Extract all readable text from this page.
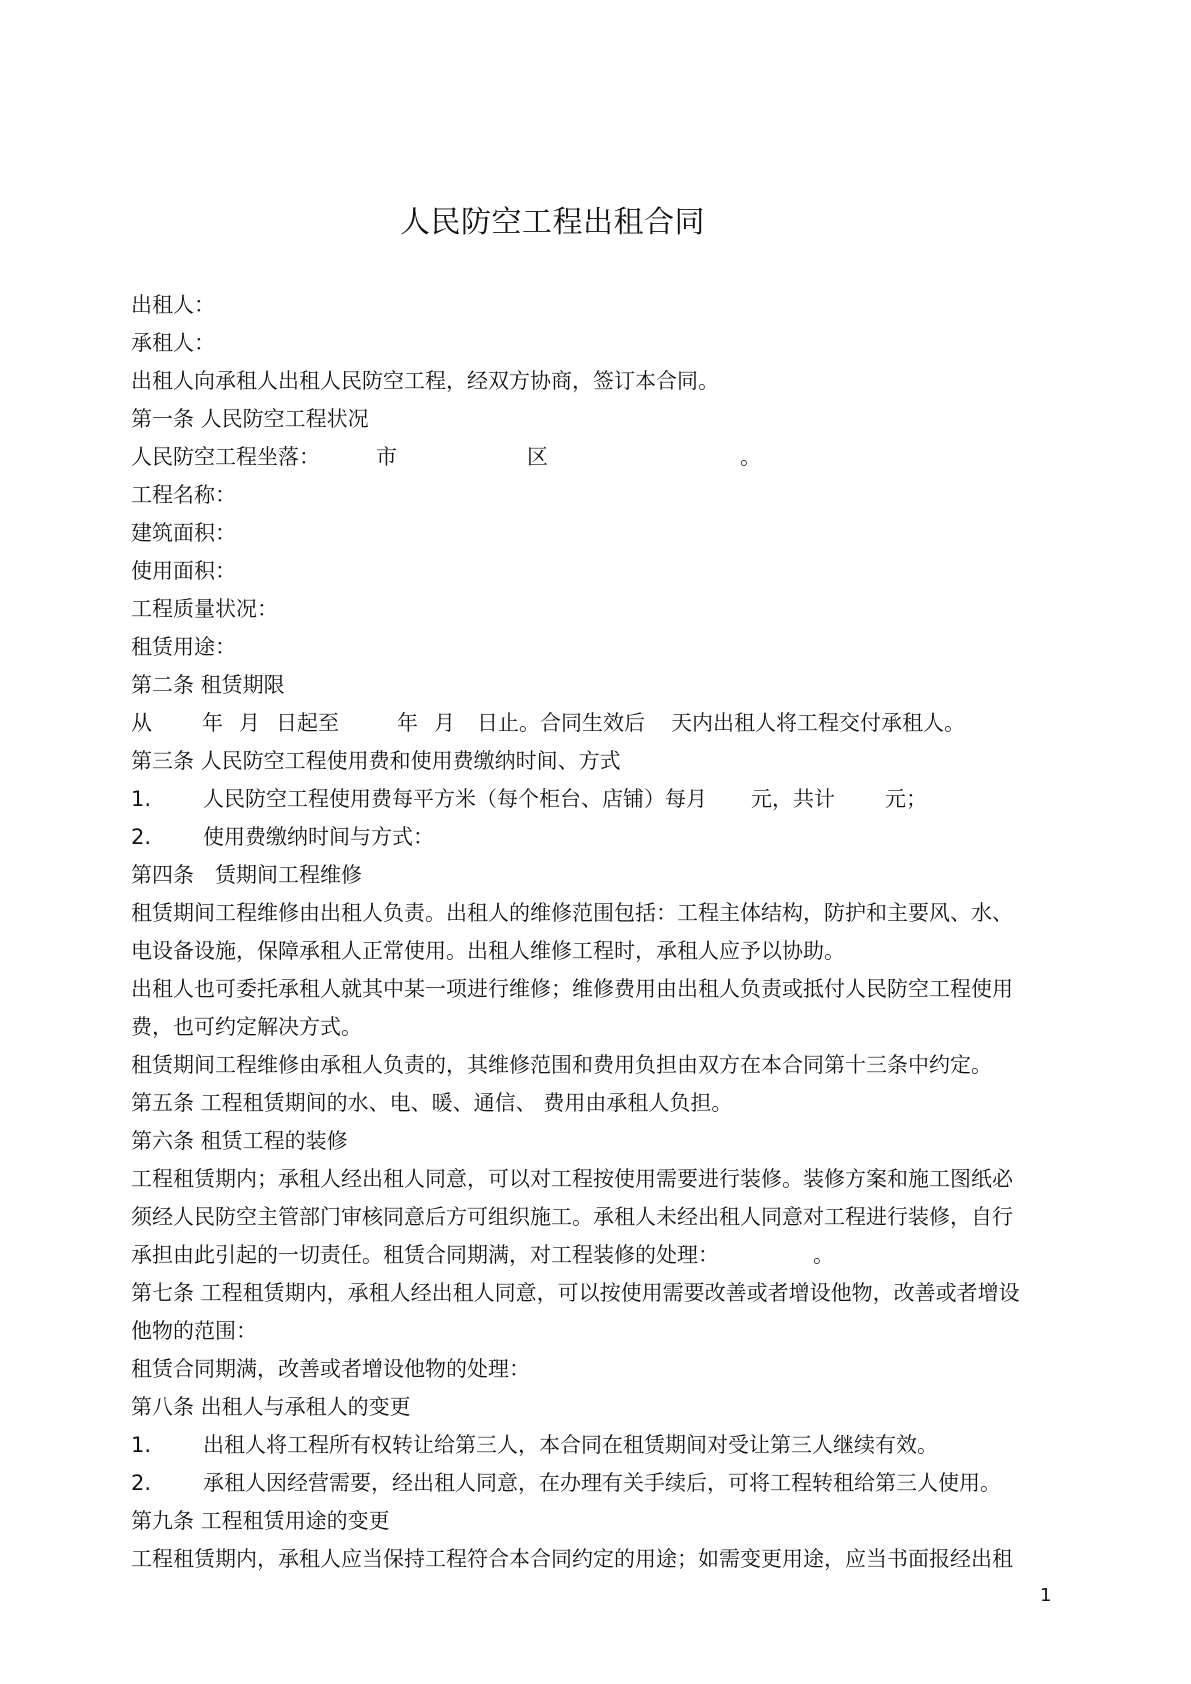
人民防空工程出租合同
出租人：
承租人：
出租人向承租人出租人民防空工程，经双方协商，签订本合同。
第一条 人民防空工程状况
人民防空工程坐落：	市	区	。
工程名称：
建筑面积：
使用面积：
工程质量状况：
租赁用途：
第二条 租赁期限
从 年 月 日起至	年 月 日止。合同生效后 天内出租人将工程交付承租人。
第三条 人民防空工程使用费和使用费缴纳时间、方式
1. 人民防空工程使用费每平方米（每个柜台、店铺）每月 元，共计 元；
2. 使用费缴纳时间与方式：
第四条　赁期间工程维修
租赁期间工程维修由出租人负责。出租人的维修范围包括：工程主体结构，防护和主要风、水、
电设备设施，保障承租人正常使用。出租人维修工程时，承租人应予以协助。
出租人也可委托承租人就其中某一项进行维修；维修费用由出租人负责或抵付人民防空工程使用
费，也可约定解决方式。
租赁期间工程维修由承租人负责的，其维修范围和费用负担由双方在本合同第十三条中约定。
第五条 工程租赁期间的水、电、暖、通信、 费用由承租人负担。
第六条 租赁工程的装修
工程租赁期内；承租人经出租人同意，可以对工程按使用需要进行装修。装修方案和施工图纸必
须经人民防空主管部门审核同意后方可组织施工。承租人未经出租人同意对工程进行装修，自行
承担由此引起的一切责任。租赁合同期满，对工程装修的处理：	。
第七条 工程租赁期内，承租人经出租人同意，可以按使用需要改善或者增设他物，改善或者增设
他物的范围：
租赁合同期满，改善或者增设他物的处理：
第八条 出租人与承租人的变更
1. 出租人将工程所有权转让给第三人，本合同在租赁期间对受让第三人继续有效。
2. 承租人因经营需要，经出租人同意，在办理有关手续后，可将工程转租给第三人使用。
第九条 工程租赁用途的变更
工程租赁期内，承租人应当保持工程符合本合同约定的用途；如需变更用途，应当书面报经出租
1
